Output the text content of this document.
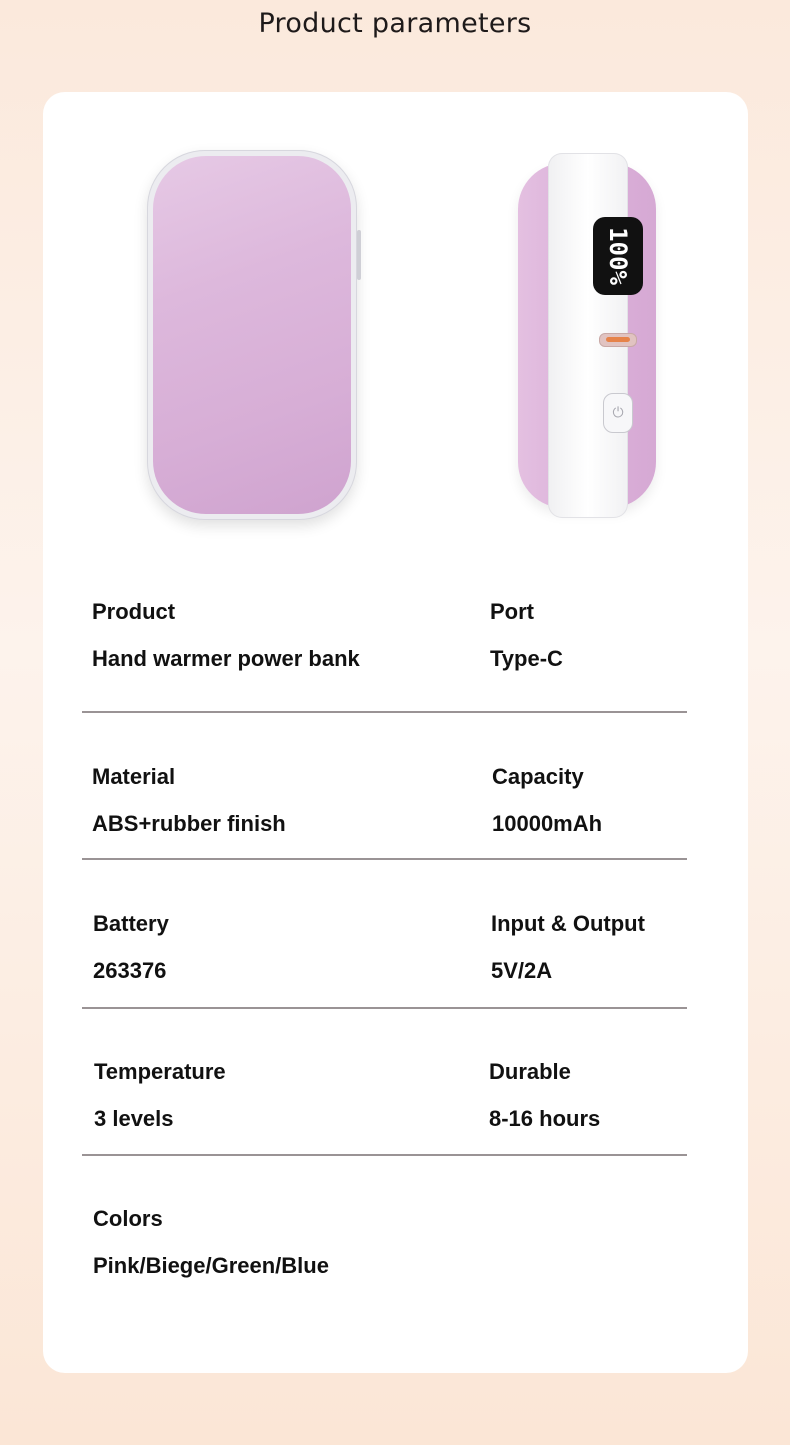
Product parameters
100%
⏻
Product
Hand warmer power bank
Port
Type-C
Material
ABS+rubber finish
Capacity
10000mAh
Battery
263376
Input & Output
5V/2A
Temperature
3 levels
Durable
8-16 hours
Colors
Pink/Biege/Green/Blue
